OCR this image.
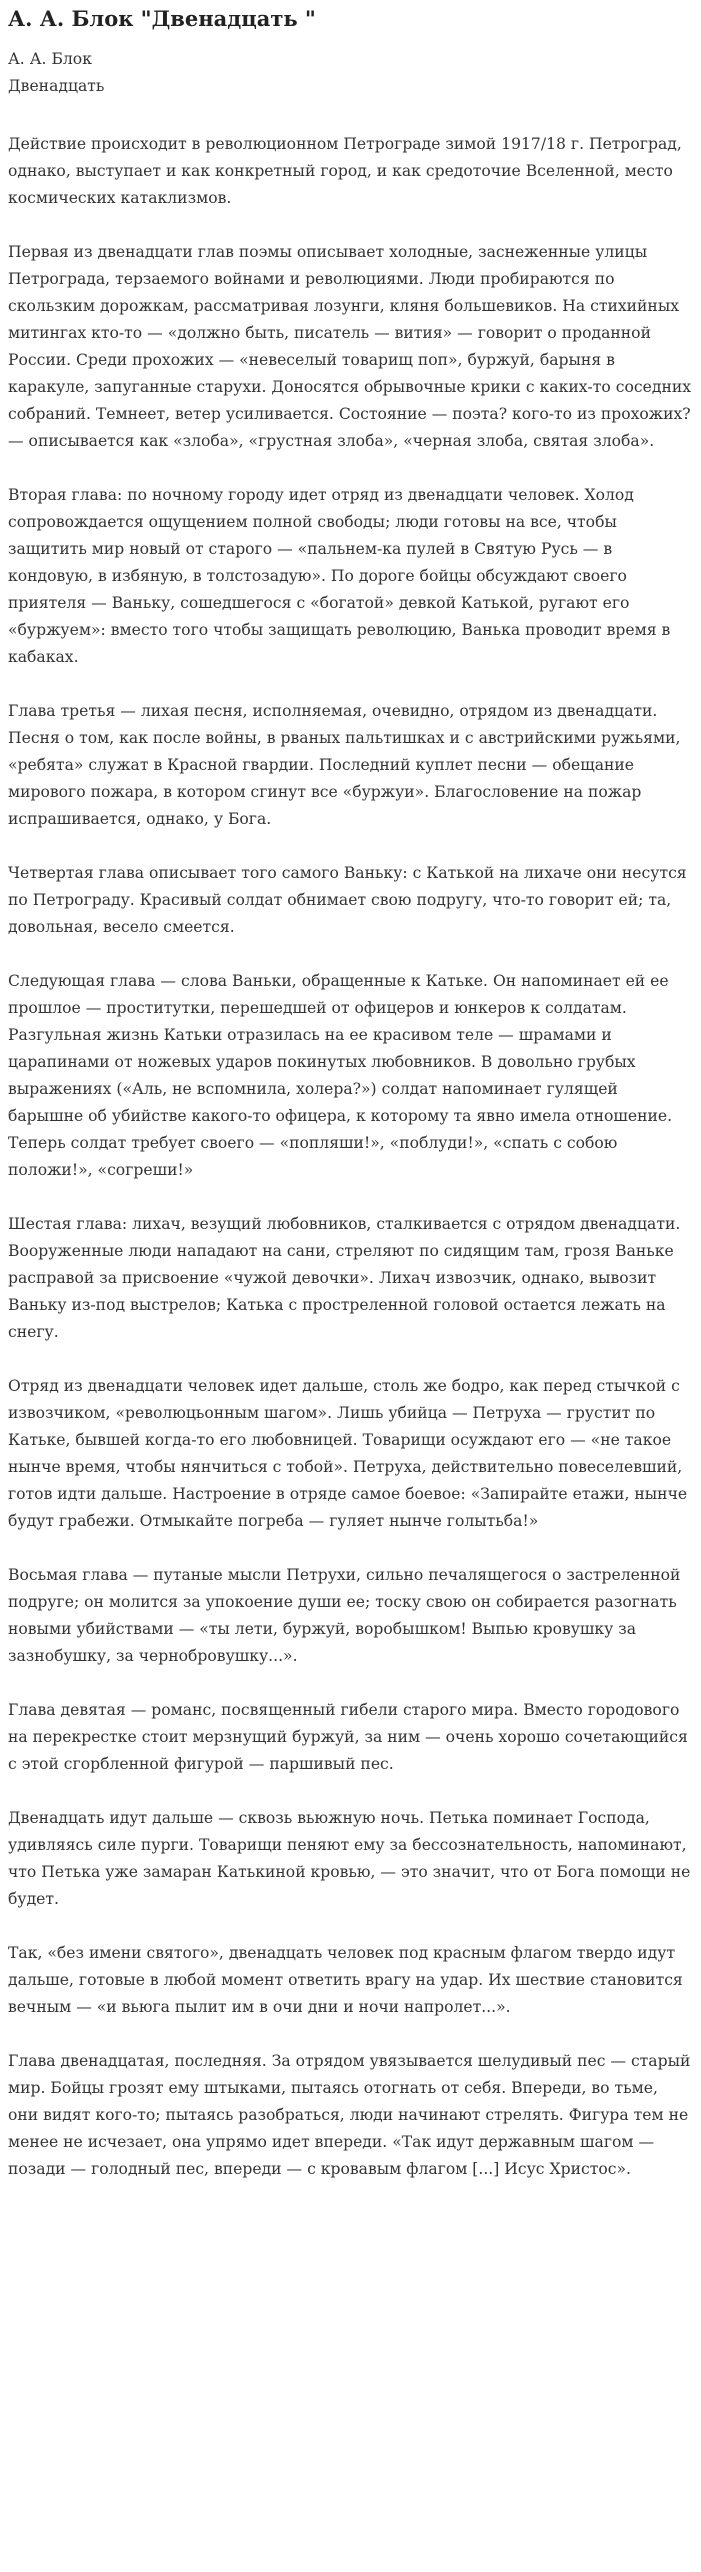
А. А. Блок "Двенадцать "
А. А. Блок
Двенадцать

Действие происходит в революционном Петрограде зимой 1917/18 г. Петроград, однако, выступает и как конкретный город, и как средоточие Вселенной, место космических катаклизмов.

Первая из двенадцати глав поэмы описывает холодные, заснеженные улицы Петрограда, терзаемого войнами и революциями. Люди пробираются по скользким дорожкам, рассматривая лозунги, кляня большевиков. На стихийных митингах кто-то — «должно быть, писатель — вития» — говорит о проданной России. Среди прохожих — «невеселый товарищ поп», буржуй, барыня в каракуле, запуганные старухи. Доносятся обрывочные крики с каких-то соседних собраний. Темнеет, ветер усиливается. Состояние — поэта? кого-то из прохожих? — описывается как «злоба», «грустная злоба», «черная злоба, святая злоба».

Вторая глава: по ночному городу идет отряд из двенадцати человек. Холод сопровождается ощущением полной свободы; люди готовы на все, чтобы защитить мир новый от старого — «пальнем-ка пулей в Святую Русь — в кондовую, в избяную, в толстозадую». По дороге бойцы обсуждают своего приятеля — Ваньку, сошедшегося с «богатой» девкой Катькой, ругают его «буржуем»: вместо того чтобы защищать революцию, Ванька проводит время в кабаках.

Глава третья — лихая песня, исполняемая, очевидно, отрядом из двенадцати. Песня о том, как после войны, в рваных пальтишках и с австрийскими ружьями, «ребята» служат в Красной гвардии. Последний куплет песни — обещание мирового пожара, в котором сгинут все «буржуи». Благословение на пожар испрашивается, однако, у Бога.

Четвертая глава описывает того самого Ваньку: с Катькой на лихаче они несутся по Петрограду. Красивый солдат обнимает свою подругу, что-то говорит ей; та, довольная, весело смеется.

Следующая глава — слова Ваньки, обращенные к Катьке. Он напоминает ей ее прошлое — проститутки, перешедшей от офицеров и юнкеров к солдатам. Разгульная жизнь Катьки отразилась на ее красивом теле — шрамами и царапинами от ножевых ударов покинутых любовников. В довольно грубых выражениях («Аль, не вспомнила, холера?») солдат напоминает гулящей барышне об убийстве какого-то офицера, к которому та явно имела отношение. Теперь солдат требует своего — «попляши!», «поблуди!», «спать с собою положи!», «согреши!»

Шестая глава: лихач, везущий любовников, сталкивается с отрядом двенадцати. Вооруженные люди нападают на сани, стреляют по сидящим там, грозя Ваньке расправой за присвоение «чужой девочки». Лихач извозчик, однако, вывозит Ваньку из-под выстрелов; Катька с простреленной головой остается лежать на снегу.

Отряд из двенадцати человек идет дальше, столь же бодро, как перед стычкой с извозчиком, «революцьонным шагом». Лишь убийца — Петруха — грустит по Катьке, бывшей когда-то его любовницей. Товарищи осуждают его — «не такое нынче время, чтобы нянчиться с тобой». Петруха, действительно повеселевший, готов идти дальше. Настроение в отряде самое боевое: «Запирайте етажи, нынче будут грабежи. Отмыкайте погреба — гуляет нынче голытьба!»

Восьмая глава — путаные мысли Петрухи, сильно печалящегося о застреленной подруге; он молится за упокоение души ее; тоску свою он собирается разогнать новыми убийствами — «ты лети, буржуй, воробышком! Выпью кровушку за зазнобушку, за чернобровушку...».

Глава девятая — романс, посвященный гибели старого мира. Вместо городового на перекрестке стоит мерзнущий буржуй, за ним — очень хорошо сочетающийся с этой сгорбленной фигурой — паршивый пес.

Двенадцать идут дальше — сквозь вьюжную ночь. Петька поминает Господа, удивляясь силе пурги. Товарищи пеняют ему за бессознательность, напоминают, что Петька уже замаран Катькиной кровью, — это значит, что от Бога помощи не будет.

Так, «без имени святого», двенадцать человек под красным флагом твердо идут дальше, готовые в любой момент ответить врагу на удар. Их шествие становится вечным — «и вьюга пылит им в очи дни и ночи напролет...».

Глава двенадцатая, последняя. За отрядом увязывается шелудивый пес — старый мир. Бойцы грозят ему штыками, пытаясь отогнать от себя. Впереди, во тьме, они видят кого-то; пытаясь разобраться, люди начинают стрелять. Фигура тем не менее не исчезает, она упрямо идет впереди. «Так идут державным шагом — позади — голодный пес, впереди — с кровавым флагом [...] Исус Христос».
